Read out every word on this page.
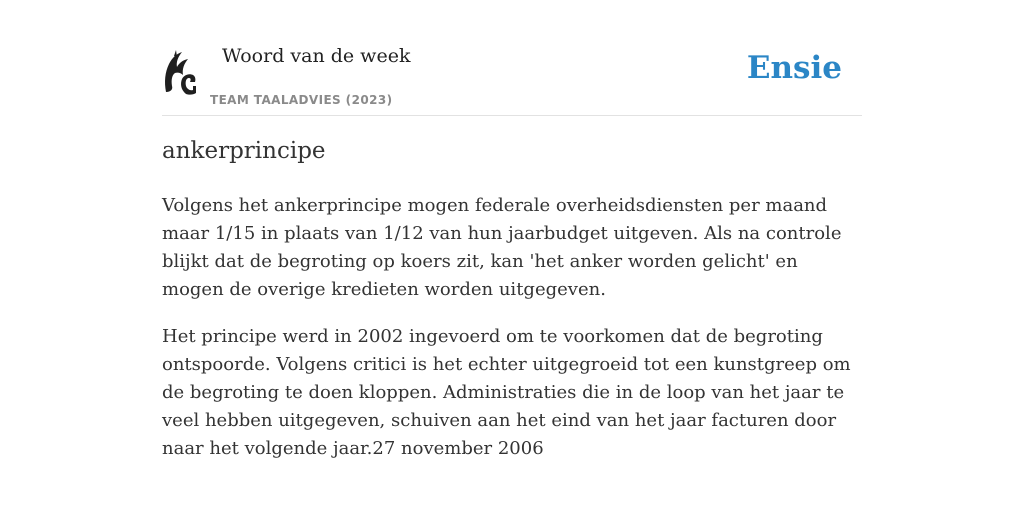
Woord van de week
TEAM TAALADVIES (2023)
Ensie
ankerprincipe

Volgens het ankerprincipe mogen federale overheidsdiensten per maand maar 1/15 in plaats van 1/12 van hun jaarbudget uitgeven. Als na controle blijkt dat de begroting op koers zit, kan 'het anker worden gelicht' en mogen de overige kredieten worden uitgegeven.

Het principe werd in 2002 ingevoerd om te voorkomen dat de begroting ontspoorde. Volgens critici is het echter uitgegroeid tot een kunstgreep om de begroting te doen kloppen. Administraties die in de loop van het jaar te veel hebben uitgegeven, schuiven aan het eind van het jaar facturen door naar het volgende jaar.27 november 2006
